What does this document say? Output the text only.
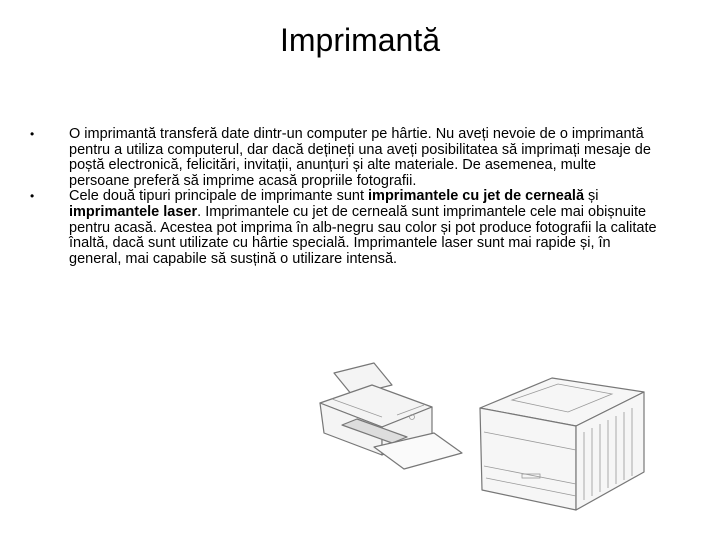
Imprimantă
• O imprimantă transferă date dintr-un computer pe hârtie. Nu aveți nevoie de o imprimantă pentru a utiliza computerul, dar dacă dețineți una aveți posibilitatea să imprimați mesaje de poștă electronică, felicitări, invitații, anunțuri și alte materiale. De asemenea, multe persoane preferă să imprime acasă propriile fotografii.
• Cele două tipuri principale de imprimante sunt imprimantele cu jet de cerneală și imprimantele laser. Imprimantele cu jet de cerneală sunt imprimantele cele mai obișnuite pentru acasă. Acestea pot imprima în alb-negru sau color și pot produce fotografii la calitate înaltă, dacă sunt utilizate cu hârtie specială. Imprimantele laser sunt mai rapide și, în general, mai capabile să susțină o utilizare intensă.
